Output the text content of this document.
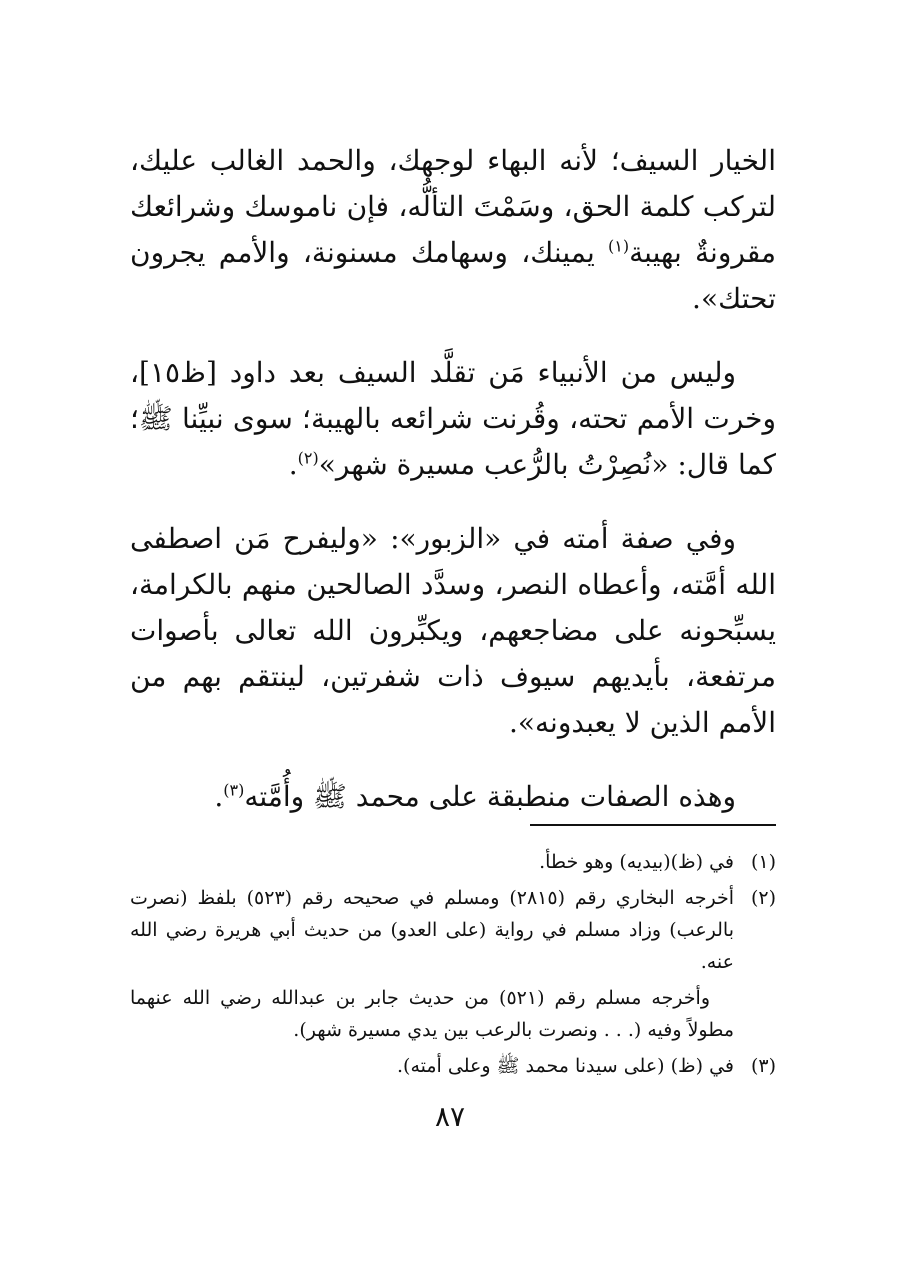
الخيار السيف؛ لأنه البهاء لوجهك، والحمد الغالب عليك، لتركب كلمة الحق، وسَمْتَ التألُّه، فإن ناموسك وشرائعك مقرونةٌ بهيبة$^{(١)}$ يمينك، وسهامك مسنونة، والأمم يجرون تحتك».

وليس من الأنبياء مَن تقلَّد السيف بعد داود [ظ١٥]، وخرت الأمم تحته، وقُرنت شرائعه بالهيبة؛ سوى نبيِّنا ﷺ؛ كما قال: «نُصِرْتُ بالرُّعب مسيرة شهر»$^{(٢)}$.

وفي صفة أمته في «الزبور»: «وليفرح مَن اصطفى الله أمَّته، وأعطاه النصر، وسدَّد الصالحين منهم بالكرامة، يسبِّحونه على مضاجعهم، ويكبِّرون الله تعالى بأصوات مرتفعة، بأيديهم سيوف ذات شفرتين، لينتقم بهم من الأمم الذين لا يعبدونه».

وهذه الصفات منطبقة على محمد ﷺ وأُمَّته$^{(٣)}$.

(١)
في (ظ)(بيديه) وهو خطأ.
(٢)
أخرجه البخاري رقم (٢٨١٥) ومسلم في صحيحه رقم (٥٢٣) بلفظ (نصرت بالرعب) وزاد مسلم في رواية (على العدو) من حديث أبي هريرة رضي الله عنه.

وأخرجه مسلم رقم (٥٢١) من حديث جابر بن عبدالله رضي الله عنهما مطولاً وفيه (. . . ونصرت بالرعب بين يدي مسيرة شهر).

(٣)
في (ظ) (على سيدنا محمد ﷺ وعلى أمته).
٨٧
